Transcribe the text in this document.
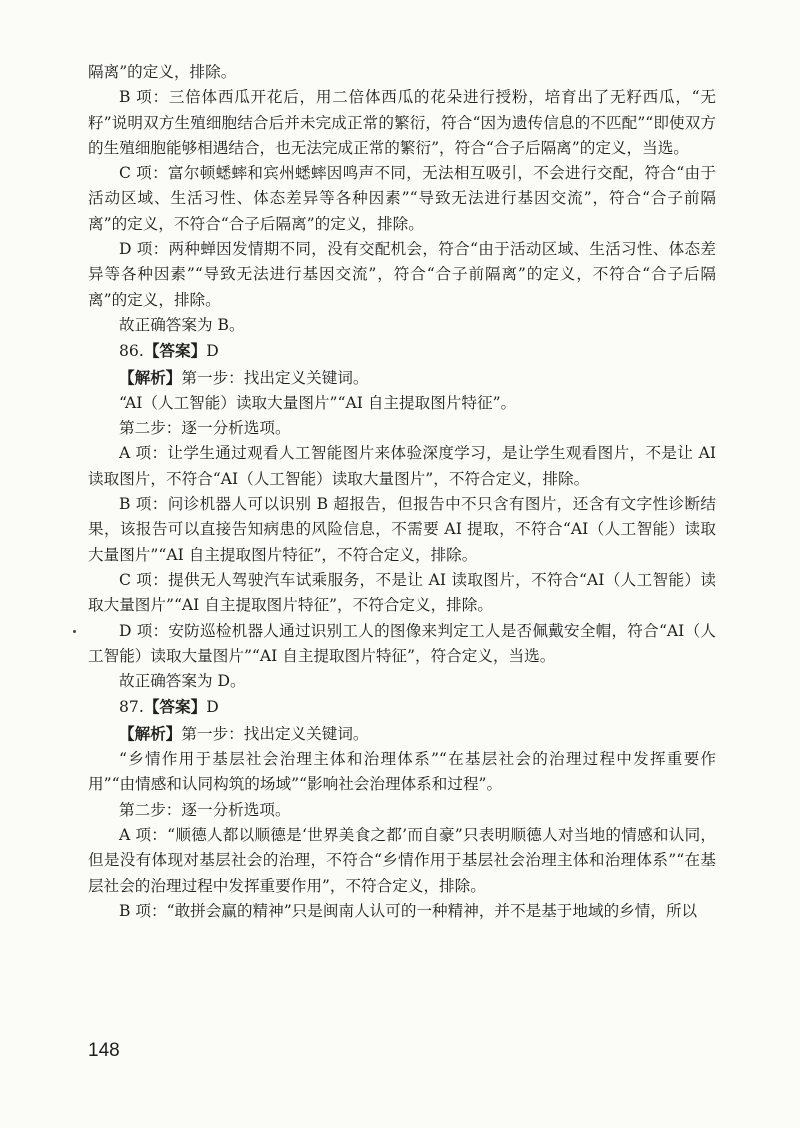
隔离”的定义，排除。

B 项：三倍体西瓜开花后，用二倍体西瓜的花朵进行授粉，培育出了无籽西瓜，“无籽”说明双方生殖细胞结合后并未完成正常的繁衍，符合“因为遗传信息的不匹配”“即使双方的生殖细胞能够相遇结合，也无法完成正常的繁衍”，符合“合子后隔离”的定义，当选。

C 项：富尔顿蟋蟀和宾州蟋蟀因鸣声不同，无法相互吸引，不会进行交配，符合“由于活动区域、生活习性、体态差异等各种因素”“导致无法进行基因交流”，符合“合子前隔离”的定义，不符合“合子后隔离”的定义，排除。

D 项：两种蝉因发情期不同，没有交配机会，符合“由于活动区域、生活习性、体态差异等各种因素”“导致无法进行基因交流”，符合“合子前隔离”的定义，不符合“合子后隔离”的定义，排除。

故正确答案为 B。

86.【答案】D

【解析】第一步：找出定义关键词。

“AI（人工智能）读取大量图片”“AI 自主提取图片特征”。

第二步：逐一分析选项。

A 项：让学生通过观看人工智能图片来体验深度学习，是让学生观看图片，不是让 AI 读取图片，不符合“AI（人工智能）读取大量图片”，不符合定义，排除。

B 项：问诊机器人可以识别 B 超报告，但报告中不只含有图片，还含有文字性诊断结果，该报告可以直接告知病患的风险信息，不需要 AI 提取，不符合“AI（人工智能）读取大量图片”“AI 自主提取图片特征”，不符合定义，排除。

C 项：提供无人驾驶汽车试乘服务，不是让 AI 读取图片，不符合“AI（人工智能）读取大量图片”“AI 自主提取图片特征”，不符合定义，排除。

D 项：安防巡检机器人通过识别工人的图像来判定工人是否佩戴安全帽，符合“AI（人工智能）读取大量图片”“AI 自主提取图片特征”，符合定义，当选。

故正确答案为 D。

87.【答案】D

【解析】第一步：找出定义关键词。

“乡情作用于基层社会治理主体和治理体系”“在基层社会的治理过程中发挥重要作用”“由情感和认同构筑的场域”“影响社会治理体系和过程”。

第二步：逐一分析选项。

A 项：“顺德人都以顺德是‘世界美食之都’而自豪”只表明顺德人对当地的情感和认同，但是没有体现对基层社会的治理，不符合“乡情作用于基层社会治理主体和治理体系”“在基层社会的治理过程中发挥重要作用”，不符合定义，排除。

B 项：“敢拼会赢的精神”只是闽南人认可的一种精神，并不是基于地域的乡情，所以

148
